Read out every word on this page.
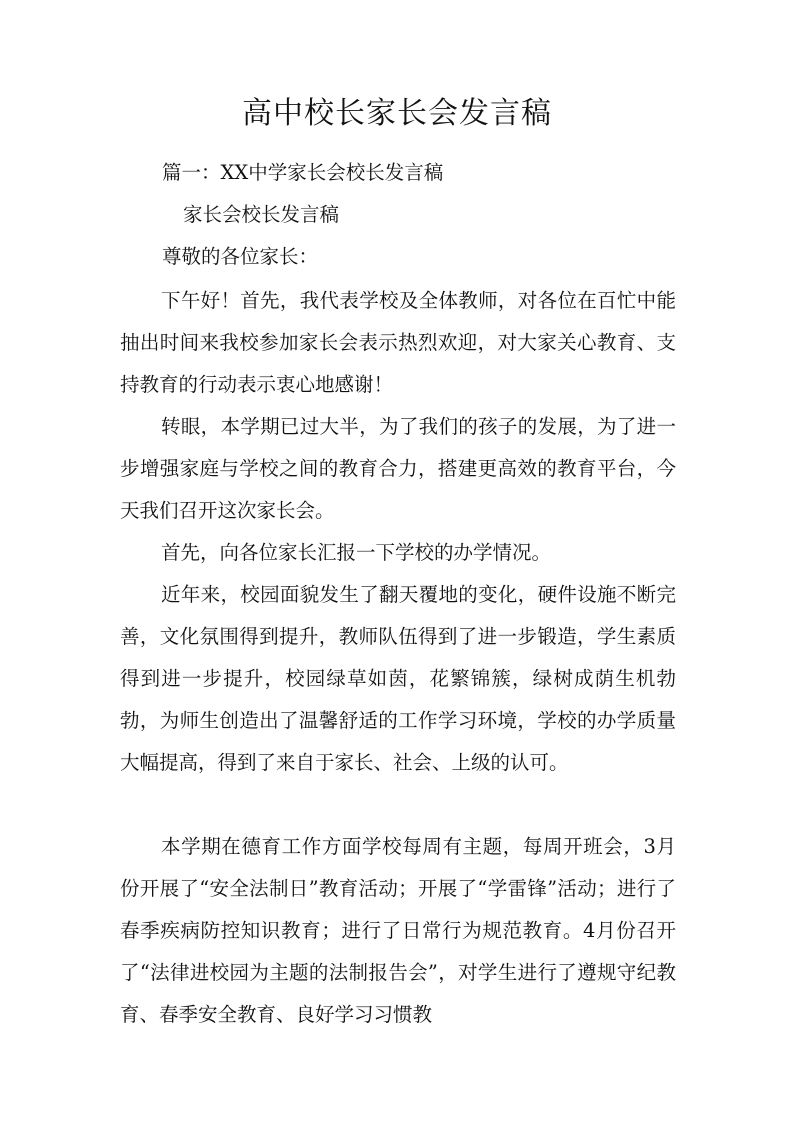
高中校长家长会发言稿

篇一：XX中学家长会校长发言稿

家长会校长发言稿

尊敬的各位家长：

下午好！首先，我代表学校及全体教师，对各位在百忙中能抽出时间来我校参加家长会表示热烈欢迎，对大家关心教育、支持教育的行动表示衷心地感谢！

转眼，本学期已过大半，为了我们的孩子的发展，为了进一步增强家庭与学校之间的教育合力，搭建更高效的教育平台，今天我们召开这次家长会。

首先，向各位家长汇报一下学校的办学情况。

近年来，校园面貌发生了翻天覆地的变化，硬件设施不断完善，文化氛围得到提升，教师队伍得到了进一步锻造，学生素质得到进一步提升，校园绿草如茵，花繁锦簇，绿树成荫生机勃勃，为师生创造出了温馨舒适的工作学习环境，学校的办学质量大幅提高，得到了来自于家长、社会、上级的认可。

本学期在德育工作方面学校每周有主题，每周开班会，3月份开展了“安全法制日”教育活动；开展了“学雷锋”活动；进行了春季疾病防控知识教育；进行了日常行为规范教育。4月份召开了“法律进校园为主题的法制报告会”，对学生进行了遵规守纪教育、春季安全教育、良好学习习惯教
